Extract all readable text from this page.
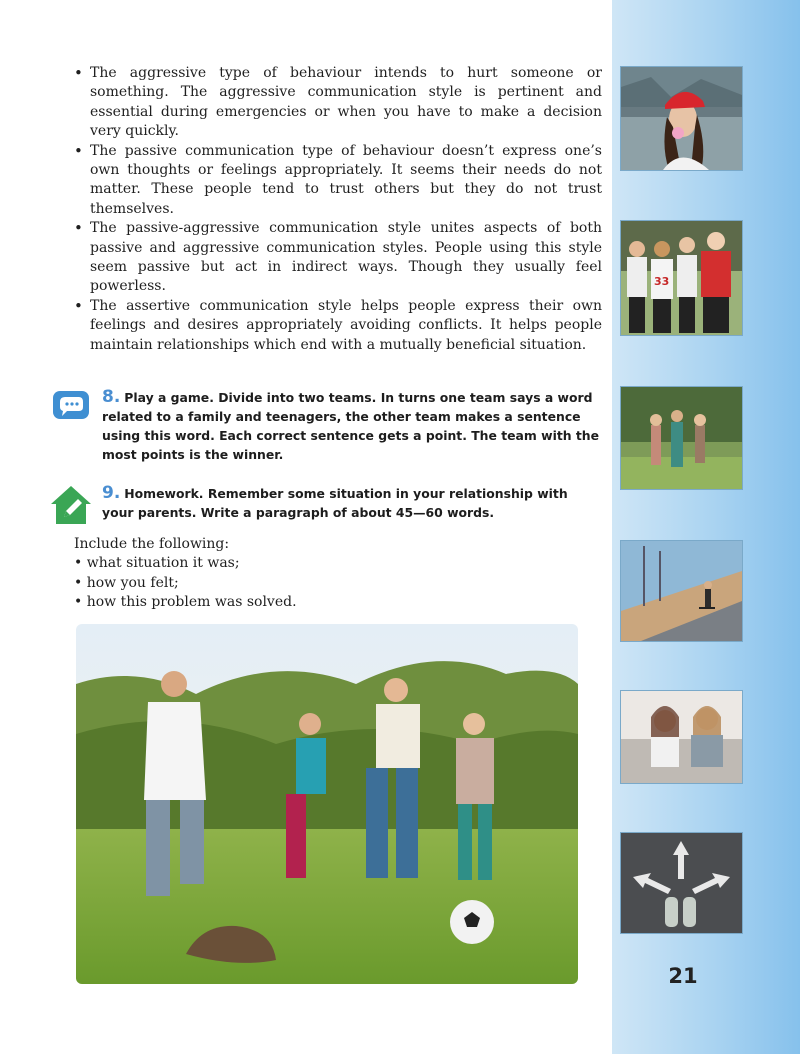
33
21
• The aggressive type of behaviour intends to hurt someone or something. The aggressive communication style is pertinent and essential during emergencies or when you have to make a decision very quickly.
• The passive communication type of behaviour doesn’t express one’s own thoughts or feelings appropriately. It seems their needs do not matter. These people tend to trust others but they do not trust themselves.
• The passive-aggressive communication style unites aspects of both passive and aggressive communication styles. People using this style seem passive but act in indirect ways. Though they usually feel powerless.
• The assertive communication style helps people express their own feelings and desires appropriately avoiding conflicts. It helps people maintain relationships which end with a mutually beneficial situation.
8. Play a game. Divide into two teams. In turns one team says a word related to a family and teenagers, the other team makes a sentence using this word. Each correct sentence gets a point. The team with the most points is the winner.
9. Homework. Remember some situation in your relationship with your parents. Write a paragraph of about 45—60 words.
Include the following:
• what situation it was;
• how you felt;
• how this problem was solved.
